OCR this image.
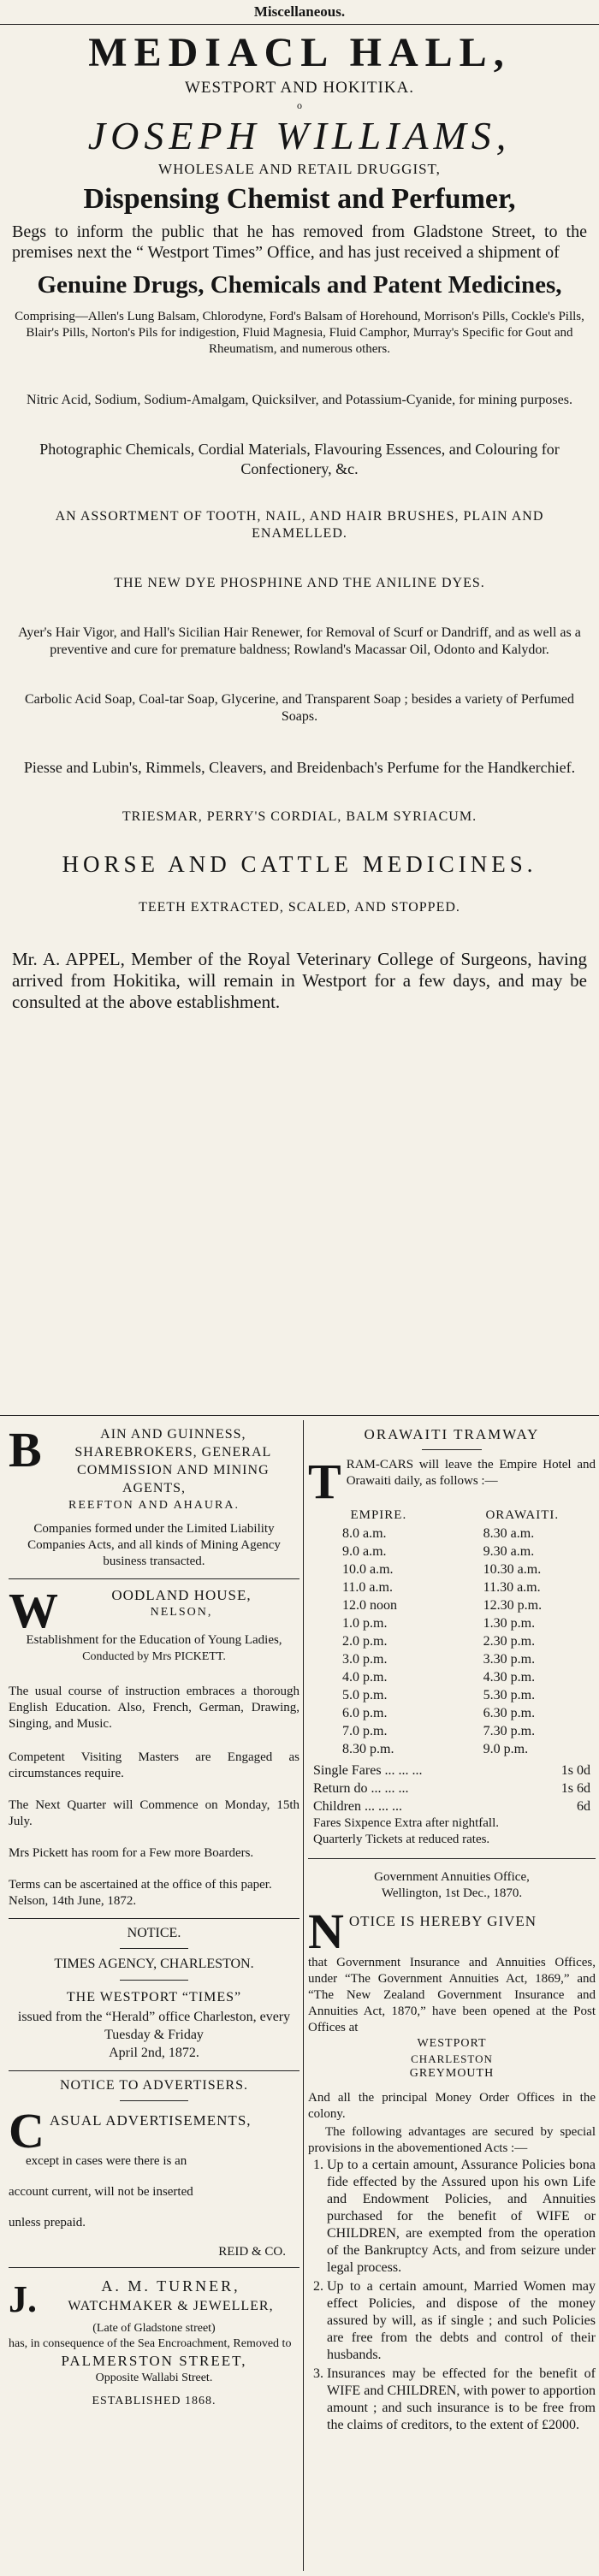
Miscellaneous.
MEDIACL HALL,
WESTPORT AND HOKITIKA.
o
JOSEPH WILLIAMS,
WHOLESALE AND RETAIL DRUGGIST,
Dispensing Chemist and Perfumer,

Begs to inform the public that he has removed from Gladstone Street, to the premises next the “ Westport Times” Office, and has just received a shipment of

Genuine Drugs, Chemicals and Patent Medicines,

Comprising—Allen's Lung Balsam, Chlorodyne, Ford's Balsam of Horehound, Morrison's Pills, Cockle's Pills, Blair's Pills, Norton's Pils for indigestion, Fluid Magnesia, Fluid Camphor, Murray's Specific for Gout and Rheumatism, and numerous others.

Nitric Acid, Sodium, Sodium-Amalgam, Quicksilver, and Potassium-Cyanide, for mining purposes.

Photographic Chemicals, Cordial Materials, Flavouring Essences, and Colouring for Confectionery, &c.

AN ASSORTMENT OF TOOTH, NAIL, AND HAIR BRUSHES, PLAIN AND ENAMELLED.

THE NEW DYE PHOSPHINE AND THE ANILINE DYES.

Ayer's Hair Vigor, and Hall's Sicilian Hair Renewer, for Removal of Scurf or Dandriff, and as well as a preventive and cure for premature baldness; Rowland's Macassar Oil, Odonto and Kalydor.

Carbolic Acid Soap, Coal-tar Soap, Glycerine, and Transparent Soap ; besides a variety of Perfumed Soaps.

Piesse and Lubin's, Rimmels, Cleavers, and Breidenbach's Perfume for the Handkerchief.

TRIESMAR, PERRY'S CORDIAL, BALM SYRIACUM.

HORSE AND CATTLE MEDICINES.

TEETH EXTRACTED, SCALED, AND STOPPED.

Mr. A. APPEL, Member of the Royal Veterinary College of Surgeons, having arrived from Hokitika, will remain in Westport for a few days, and may be consulted at the above establishment.

B	AIN AND GUINNESS, SHAREBROKERS, GENERAL COMMISSION AND MINING AGENTS,

REEFTON AND AHAURA.

Companies formed under the Limited Liability Companies Acts, and all kinds of Mining Agency business transacted.

W	OODLAND HOUSE,

NELSON,

Establishment for the Education of Young Ladies,

Conducted by Mrs PICKETT.

The usual course of instruction embraces a thorough English Education. Also, French, German, Drawing, Singing, and Music.

Competent Visiting Masters are Engaged as circumstances require.

The Next Quarter will Commence on Monday, 15th July.

Mrs Pickett has room for a Few more Boarders.

Terms can be ascertained at the office of this paper.

Nelson, 14th June, 1872.

NOTICE.

TIMES AGENCY, CHARLESTON.

THE WESTPORT “TIMES”

issued from the “Herald” office Charleston, every Tuesday & Friday

April 2nd, 1872.

NOTICE TO ADVERTISERS.

C ASUAL ADVERTISEMENTS,

except in cases were there is an

account current, will not be inserted

unless prepaid.

REID & CO.

J.	A. M. TURNER,

WATCHMAKER & JEWELLER,

(Late of Gladstone street)

has, in consequence of the Sea Encroachment, Removed to

PALMERSTON STREET,

Opposite Wallabi Street.

ESTABLISHED 1868.

ORAWAITI TRAMWAY

T RAM-CARS will leave the Empire Hotel and Orawaiti daily, as follows :—

EMPIRE.	ORAWAITI.
8.0 a.m.	8.30 a.m.
9.0 a.m.	9.30 a.m.
10.0 a.m.	10.30 a.m.
11.0 a.m.	11.30 a.m.
12.0 noon	12.30 p.m.
1.0 p.m.	1.30 p.m.
2.0 p.m.	2.30 p.m.
3.0 p.m.	3.30 p.m.
4.0 p.m.	4.30 p.m.
5.0 p.m.	5.30 p.m.
6.0 p.m.	6.30 p.m.
7.0 p.m.	7.30 p.m.
8.30 p.m.	9.0 p.m.
Single Fares ... ... ...	1s 0d
Return do ... ... ...	1s 6d
Children ... ... ...	6d

Fares Sixpence Extra after nightfall.

Quarterly Tickets at reduced rates.

Government Annuities Office,

Wellington, 1st Dec., 1870.

N OTICE IS HEREBY GIVEN

that Government Insurance and Annuities Offices, under “The Government Annuities Act, 1869,” and “The New Zealand Government Insurance and Annuities Act, 1870,” have been opened at the Post Offices at

WESTPORT

CHARLESTON

GREYMOUTH

And all the principal Money Order Offices in the colony.

The following advantages are secured by special provisions in the abovementioned Acts :—

1. Up to a certain amount, Assurance Policies bona fide effected by the Assured upon his own Life and Endowment Policies, and Annuities purchased for the benefit of WIFE or CHILDREN, are exempted from the operation of the Bankruptcy Acts, and from seizure under legal process.
2. Up to a certain amount, Married Women may effect Policies, and dispose of the money assured by will, as if single ; and such Policies are free from the debts and control of their husbands.
3. Insurances may be effected for the benefit of WIFE and CHILDREN, with power to apportion amount ; and such insurance is to be free from the claims of creditors, to the extent of £2000.
